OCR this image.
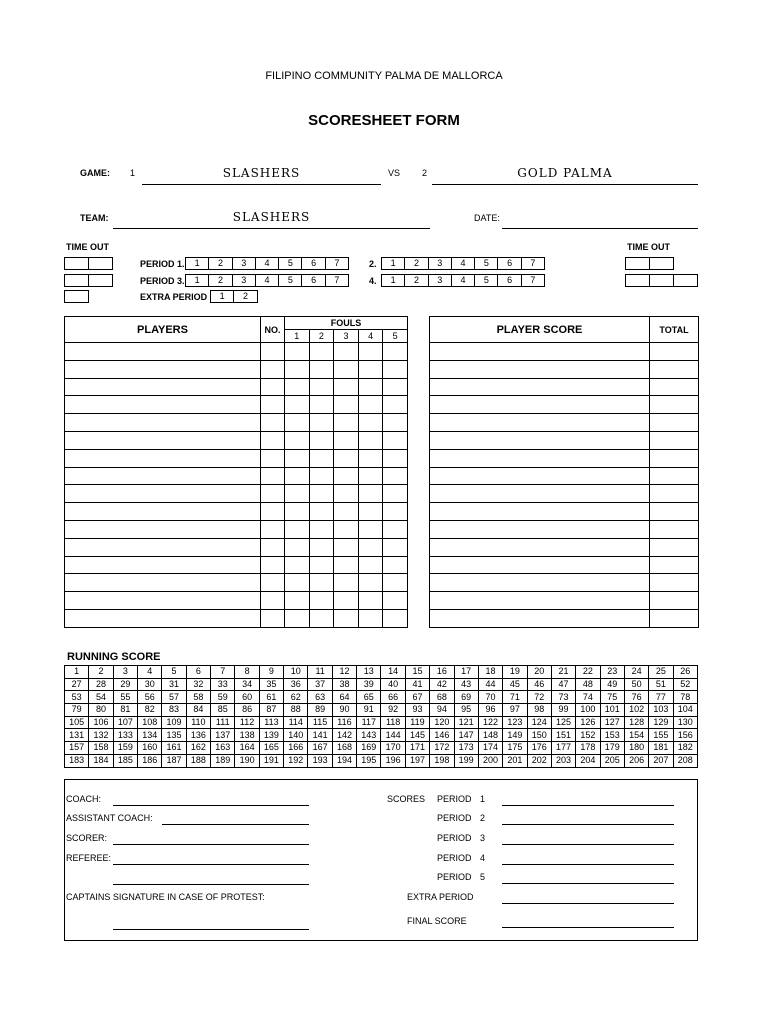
FILIPINO COMMUNITY PALMA DE MALLORCA
SCORESHEET FORM
GAME: 1	SLASHERS	VS 2	GOLD PALMA
TEAM:	SLASHERS	DATE:
TIME OUT	TIME OUT
PERIOD 1.	1	2	3	4	5	6	7	2.	1	2	3	4	5	6	7
PERIOD 3.	1	2	3	4	5	6	7	4.	1	2	3	4	5	6	7
EXTRA PERIOD	1	2
PLAYERS	NO.	FOULS				
		1	2	3	4	5

PLAYER SCORE	TOTAL

RUNNING SCORE
1	2	3	4	5	6	7	8	9	10	11	12	13	14	15	16	17	18	19	20	21	22	23	24	25	26
27	28	29	30	31	32	33	34	35	36	37	38	39	40	41	42	43	44	45	46	47	48	49	50	51	52
53	54	55	56	57	58	59	60	61	62	63	64	65	66	67	68	69	70	71	72	73	74	75	76	77	78
79	80	81	82	83	84	85	86	87	88	89	90	91	92	93	94	95	96	97	98	99	100	101	102	103	104
105	106	107	108	109	110	111	112	113	114	115	116	117	118	119	120	121	122	123	124	125	126	127	128	129	130
131	132	133	134	135	136	137	138	139	140	141	142	143	144	145	146	147	148	149	150	151	152	153	154	155	156
157	158	159	160	161	162	163	164	165	166	167	168	169	170	171	172	173	174	175	176	177	178	179	180	181	182
183	184	185	186	187	188	189	190	191	192	193	194	195	196	197	198	199	200	201	202	203	204	205	206	207	208
COACH:
ASSISTANT COACH:
SCORER:
REFEREE:
CAPTAINS SIGNATURE IN CASE OF PROTEST:
SCORES PERIOD 1
PERIOD 2
PERIOD 3
PERIOD 4
PERIOD 5
EXTRA PERIOD
FINAL SCORE
